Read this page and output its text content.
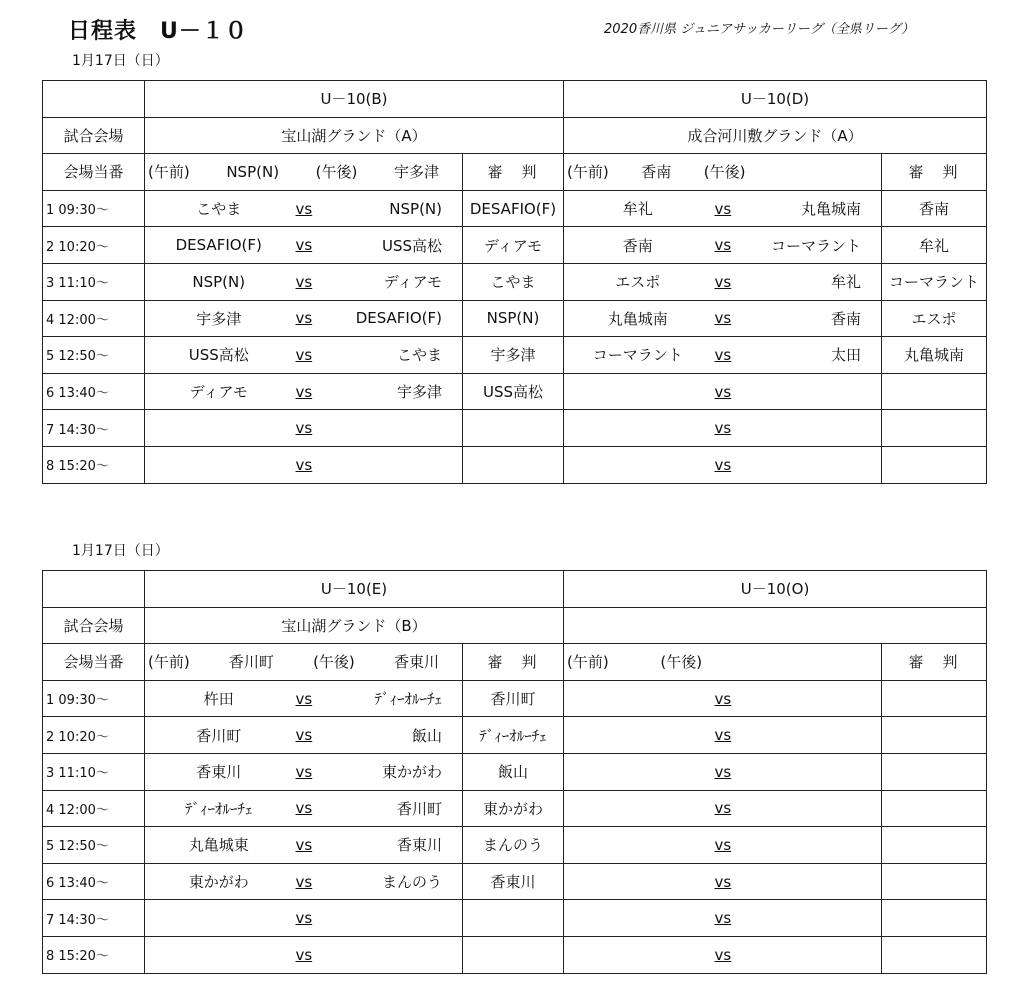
日程表　U－１０	2020香川県 ジュニアサッカーリーグ（全県リーグ）
1月17日（日）
	U－10(B)				U－10(D)			
試合会場	宝山湖グランド（A）				成合河川敷グランド（A）			
会場当番	(午前) NSP(N) (午後) 宇多津			審　判	(午前) 香南 (午後)			審　判
1 09:30～	こやま	vs	NSP(N)	DESAFIO(F)	牟礼	vs	丸亀城南	香南
2 10:20～	DESAFIO(F)	vs	USS高松	ディアモ	香南	vs	コーマラント	牟礼
3 11:10～	NSP(N)	vs	ディアモ	こやま	エスポ	vs	牟礼	コーマラント
4 12:00～	宇多津	vs	DESAFIO(F)	NSP(N)	丸亀城南	vs	香南	エスポ
5 12:50～	USS高松	vs	こやま	宇多津	コーマラント	vs	太田	丸亀城南
6 13:40～	ディアモ	vs	宇多津	USS高松		vs		
7 14:30～		vs				vs		
8 15:20～		vs				vs		
1月17日（日）
	U－10(E)				U－10(O)			
試合会場	宝山湖グランド（B）							
会場当番	(午前) 香川町 (午後) 香東川			審　判	(午前) (午後)			審　判
1 09:30～	杵田	vs	ﾃﾞｨｰｵﾙｰﾁｪ	香川町		vs		
2 10:20～	香川町	vs	飯山	ﾃﾞｨｰｵﾙｰﾁｪ		vs		
3 11:10～	香東川	vs	東かがわ	飯山		vs		
4 12:00～	ﾃﾞｨｰｵﾙｰﾁｪ	vs	香川町	東かがわ		vs		
5 12:50～	丸亀城東	vs	香東川	まんのう		vs		
6 13:40～	東かがわ	vs	まんのう	香東川		vs		
7 14:30～		vs				vs		
8 15:20～		vs				vs		
